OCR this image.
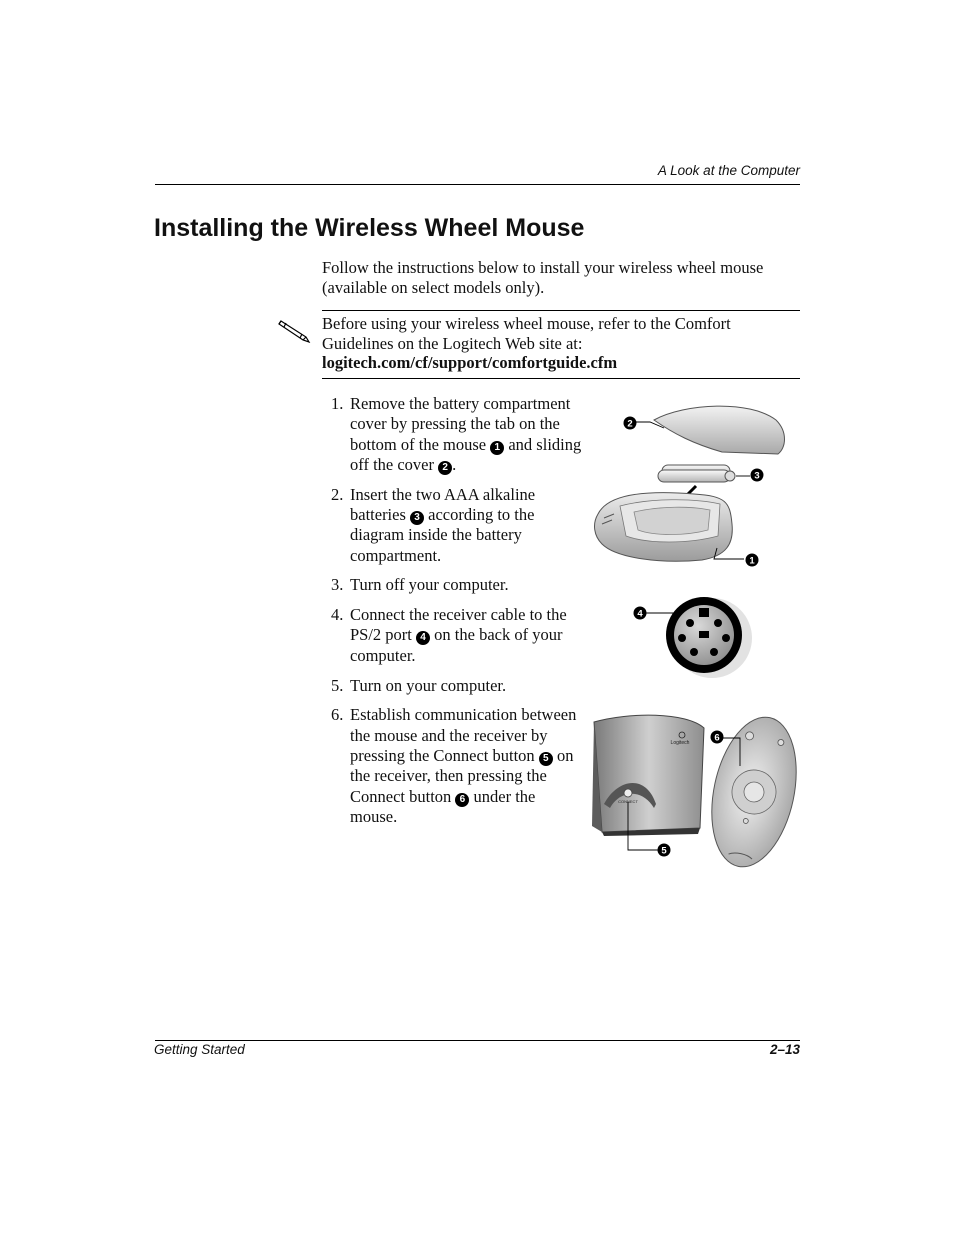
A Look at the Computer
Installing the Wireless Wheel Mouse
Follow the instructions below to install your wireless wheel mouse (available on select models only).
Before using your wireless wheel mouse, refer to the Comfort Guidelines on the Logitech Web site at:
logitech.com/cf/support/comfortguide.cfm
Remove the battery compartment cover by pressing the tab on the bottom of the mouse 1 and sliding off the cover 2 .
Insert the two AAA alkaline batteries 3 according to the diagram inside the battery compartment.
Turn off your computer.
Connect the receiver cable to the PS/2 port 4 on the back of your computer.
Turn on your computer.
Establish communication between the mouse and the receiver by pressing the Connect button 5 on the receiver, then pressing the Connect button 6 under the mouse.
2
3
1
4
Logitech
CONNECT
5
6
Getting Started	2–13
